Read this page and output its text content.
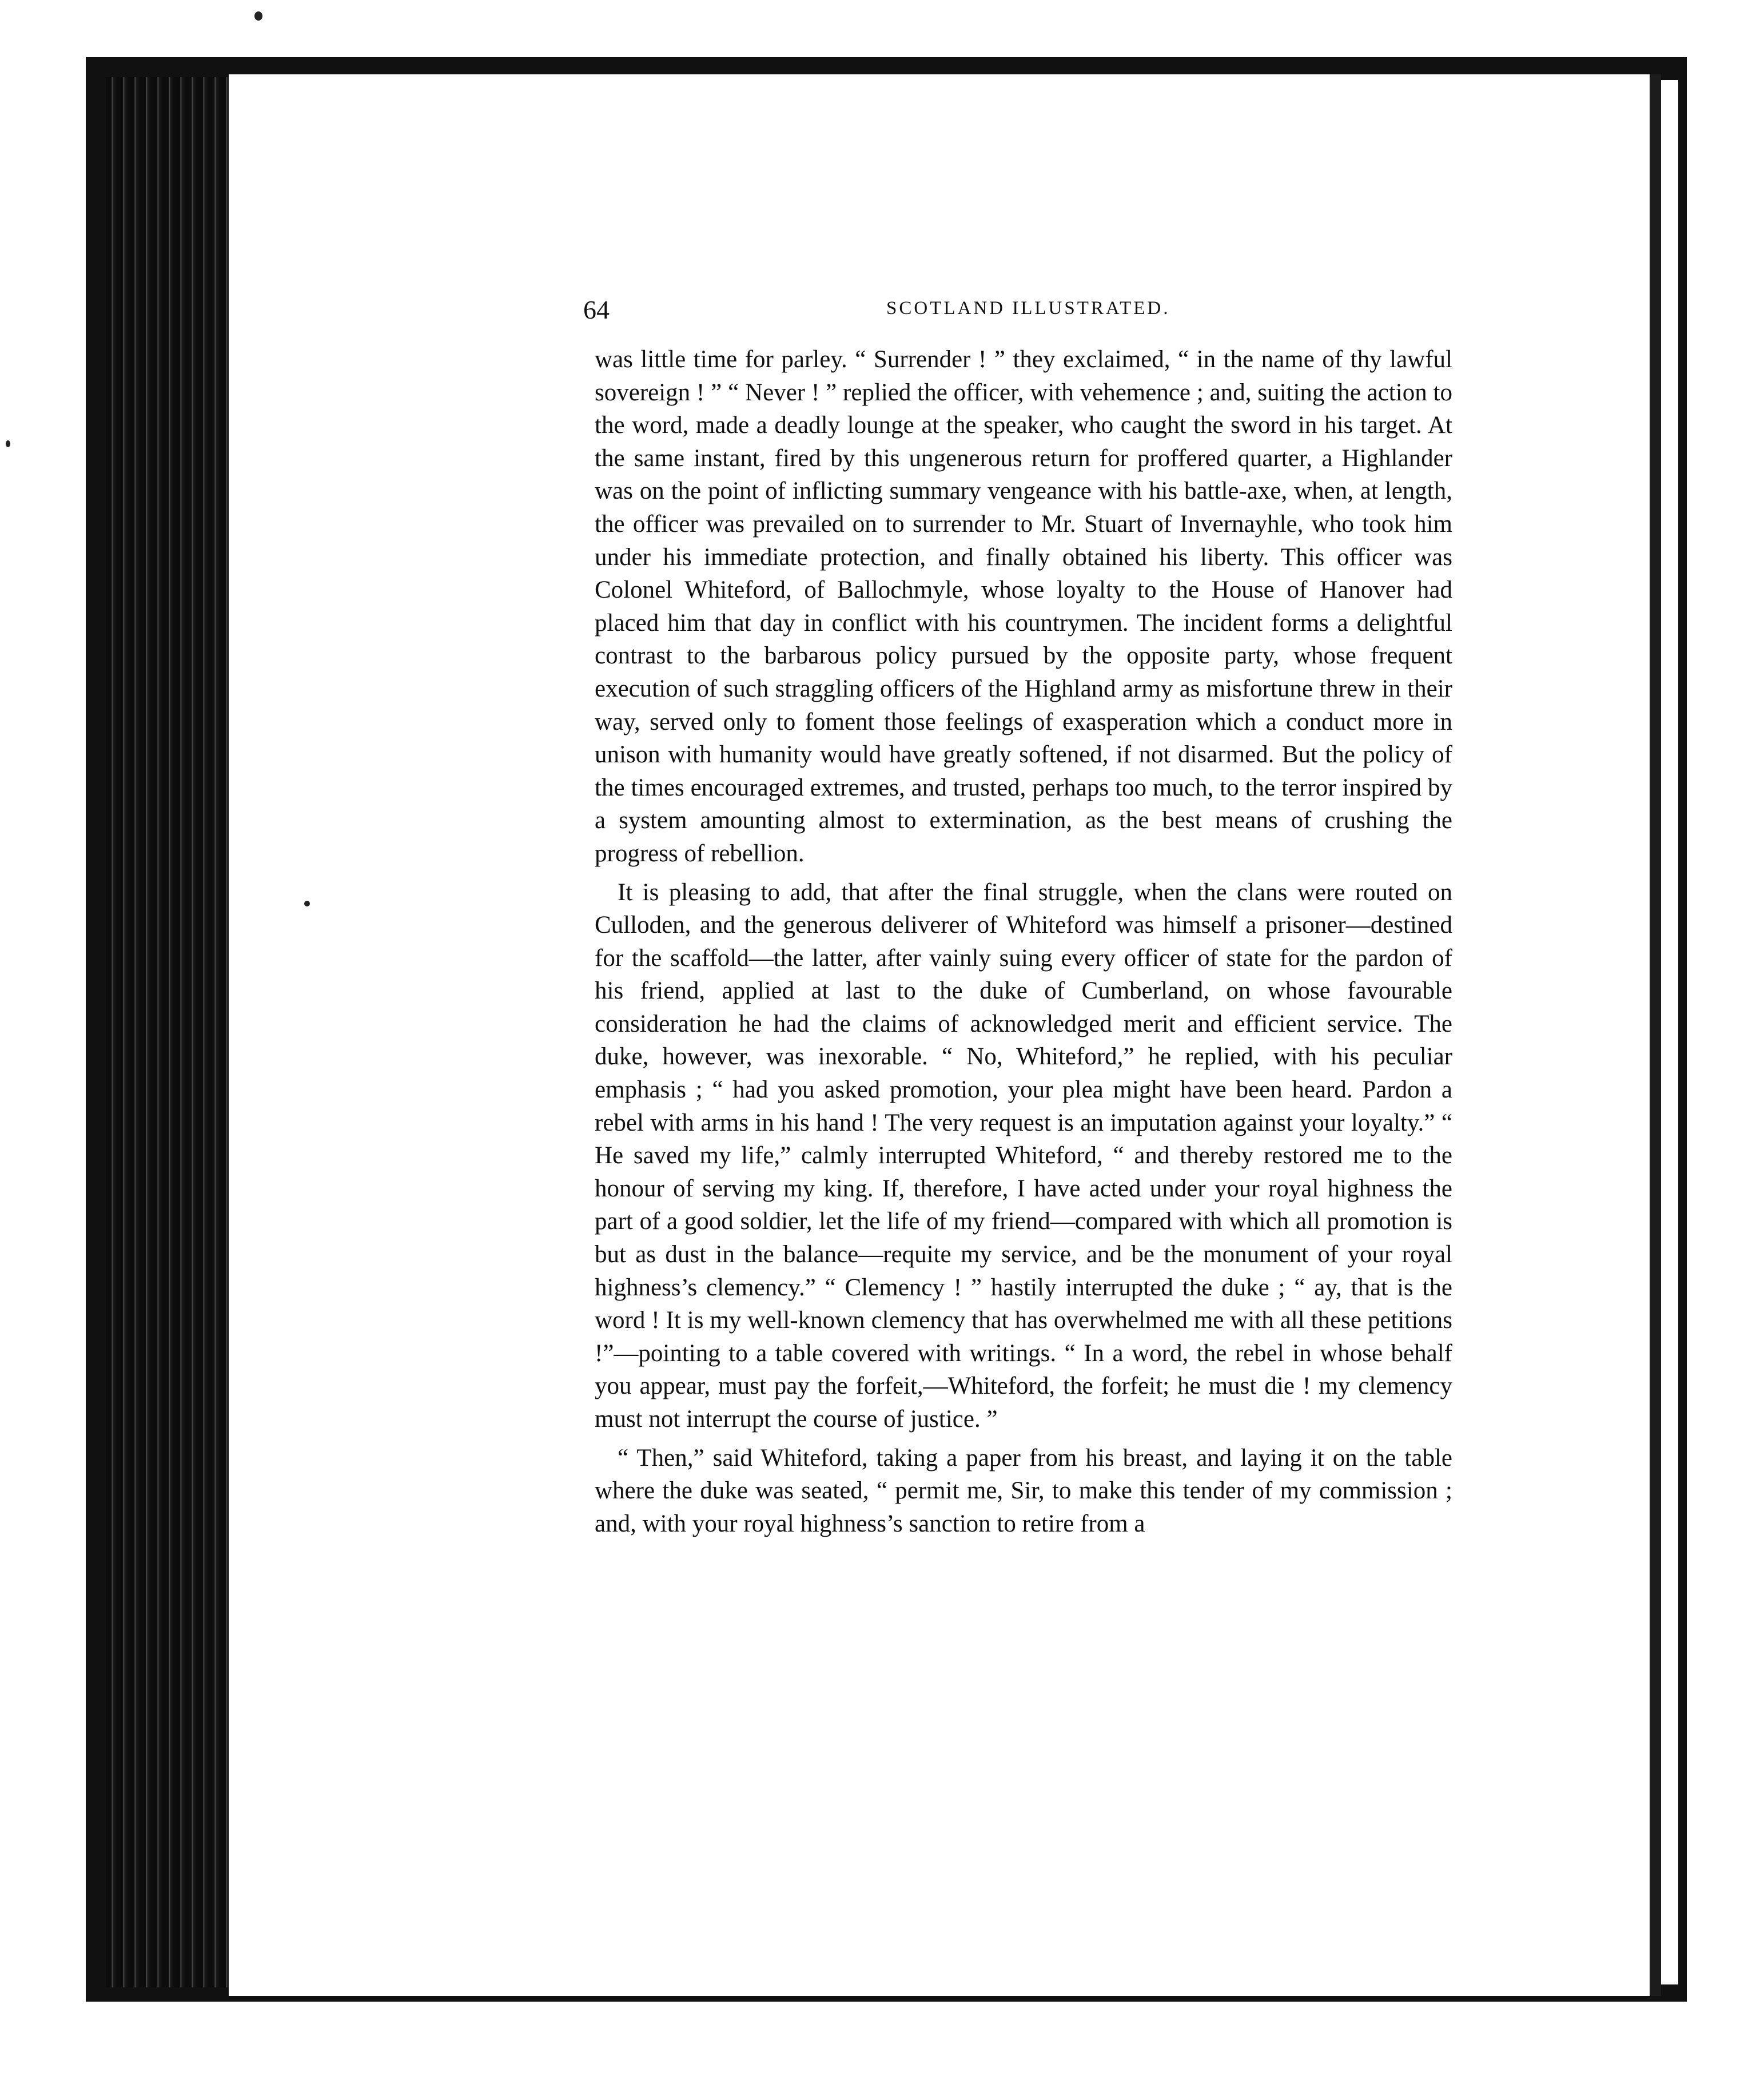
64	SCOTLAND ILLUSTRATED.

was little time for parley. “ Surrender ! ” they exclaimed, “ in the name of thy lawful sovereign ! ” “ Never ! ” replied the officer, with vehemence ; and, suiting the action to the word, made a deadly lounge at the speaker, who caught the sword in his target. At the same instant, fired by this ungenerous return for proffered quarter, a Highlander was on the point of inflicting summary vengeance with his battle-axe, when, at length, the officer was prevailed on to surrender to Mr. Stuart of Invernayhle, who took him under his immediate protection, and finally obtained his liberty. This officer was Colonel Whiteford, of Ballochmyle, whose loyalty to the House of Hanover had placed him that day in conflict with his countrymen. The incident forms a delightful contrast to the barbarous policy pursued by the opposite party, whose frequent execution of such straggling officers of the Highland army as misfortune threw in their way, served only to foment those feelings of exasperation which a conduct more in unison with humanity would have greatly softened, if not disarmed. But the policy of the times encouraged extremes, and trusted, perhaps too much, to the terror inspired by a system amounting almost to extermination, as the best means of crushing the progress of rebellion.

It is pleasing to add, that after the final struggle, when the clans were routed on Culloden, and the generous deliverer of Whiteford was himself a prisoner—destined for the scaffold—the latter, after vainly suing every officer of state for the pardon of his friend, applied at last to the duke of Cumberland, on whose favourable consideration he had the claims of acknowledged merit and efficient service. The duke, however, was inexorable. “ No, Whiteford,” he replied, with his peculiar emphasis ; “ had you asked promotion, your plea might have been heard. Pardon a rebel with arms in his hand ! The very request is an imputation against your loyalty.” “ He saved my life,” calmly interrupted Whiteford, “ and thereby restored me to the honour of serving my king. If, therefore, I have acted under your royal highness the part of a good soldier, let the life of my friend—compared with which all promotion is but as dust in the balance—requite my service, and be the monument of your royal highness’s clemency.” “ Clemency ! ” hastily interrupted the duke ; “ ay, that is the word ! It is my well-known clemency that has overwhelmed me with all these petitions !”—pointing to a table covered with writings. “ In a word, the rebel in whose behalf you appear, must pay the forfeit,—Whiteford, the forfeit; he must die ! my clemency must not interrupt the course of justice. ”

“ Then,” said Whiteford, taking a paper from his breast, and laying it on the table where the duke was seated, “ permit me, Sir, to make this tender of my commission ; and, with your royal highness’s sanction to retire from a
